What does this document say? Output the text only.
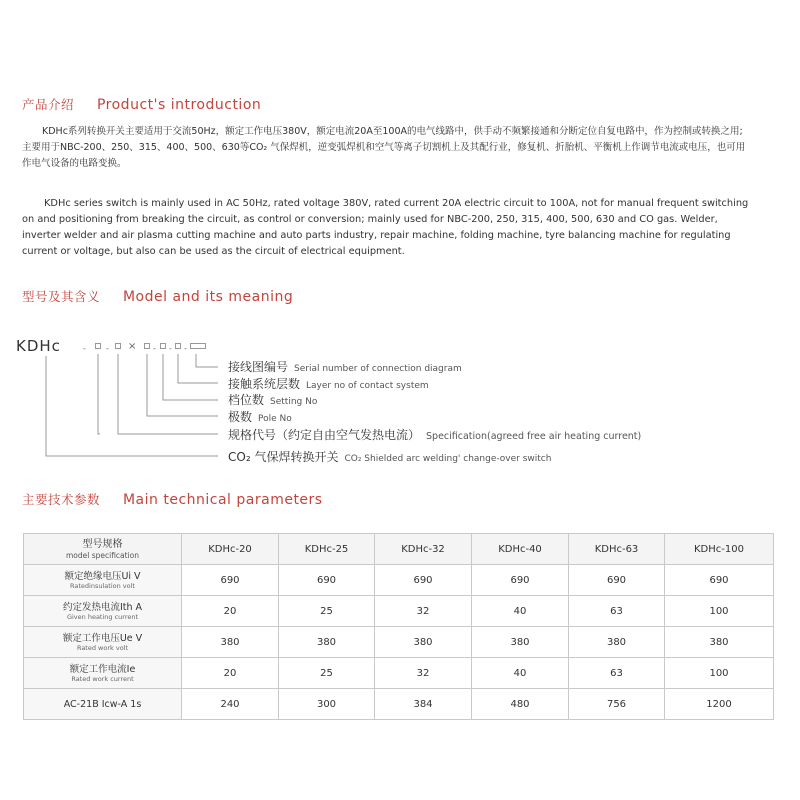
产品介绍 Product's introduction
KDHc系列转换开关主要适用于交流50Hz，额定工作电压380V，额定电流20A至100A的电气线路中，供手动不频繁接通和分断定位自复电路中，作为控制或转换之用;主要用于NBC-200、250、315、400、500、630等CO₂ 气保焊机，逆变弧焊机和空气等离子切割机上及其配行业，修复机、折胎机、平衡机上作调节电流或电压，也可用作电气设备的电路变换。
KDHc series switch is mainly used in AC 50Hz, rated voltage 380V, rated current 20A electric circuit to 100A, not for manual frequent switching on and positioning from breaking the circuit, as control or conversion; mainly used for NBC-200, 250, 315, 400, 500, 630 and CO gas. Welder, inverter welder and air plasma cutting machine and auto parts industry, repair machine, folding machine, tyre balancing machine for regulating current or voltage, but also can be used as the circuit of electrical equipment.
型号及其含义 Model and its meaning
KDHc	-	- × - - -
接线图编号 Serial number of connection diagram
接触系统层数 Layer no of contact system
档位数 Setting No
极数 Pole No
规格代号（约定自由空气发热电流） Specification(agreed free air heating current)
CO₂ 气保焊转换开关 CO₂ Shielded arc welding' change-over switch
主要技术参数 Main technical parameters
型号规格
model specification	KDHc-20	KDHc-25	KDHc-32	KDHc-40	KDHc-63	KDHc-100

额定绝缘电压Ui V
Ratedinsulation volt	690	690	690	690	690	690

约定发热电流Ith A
Given heating current	20	25	32	40	63	100

额定工作电压Ue V
Rated work volt	380	380	380	380	380	380

额定工作电流Ie
Rated work current	20	25	32	40	63	100

AC-21B Icw-A 1s	240	300	384	480	756	1200
